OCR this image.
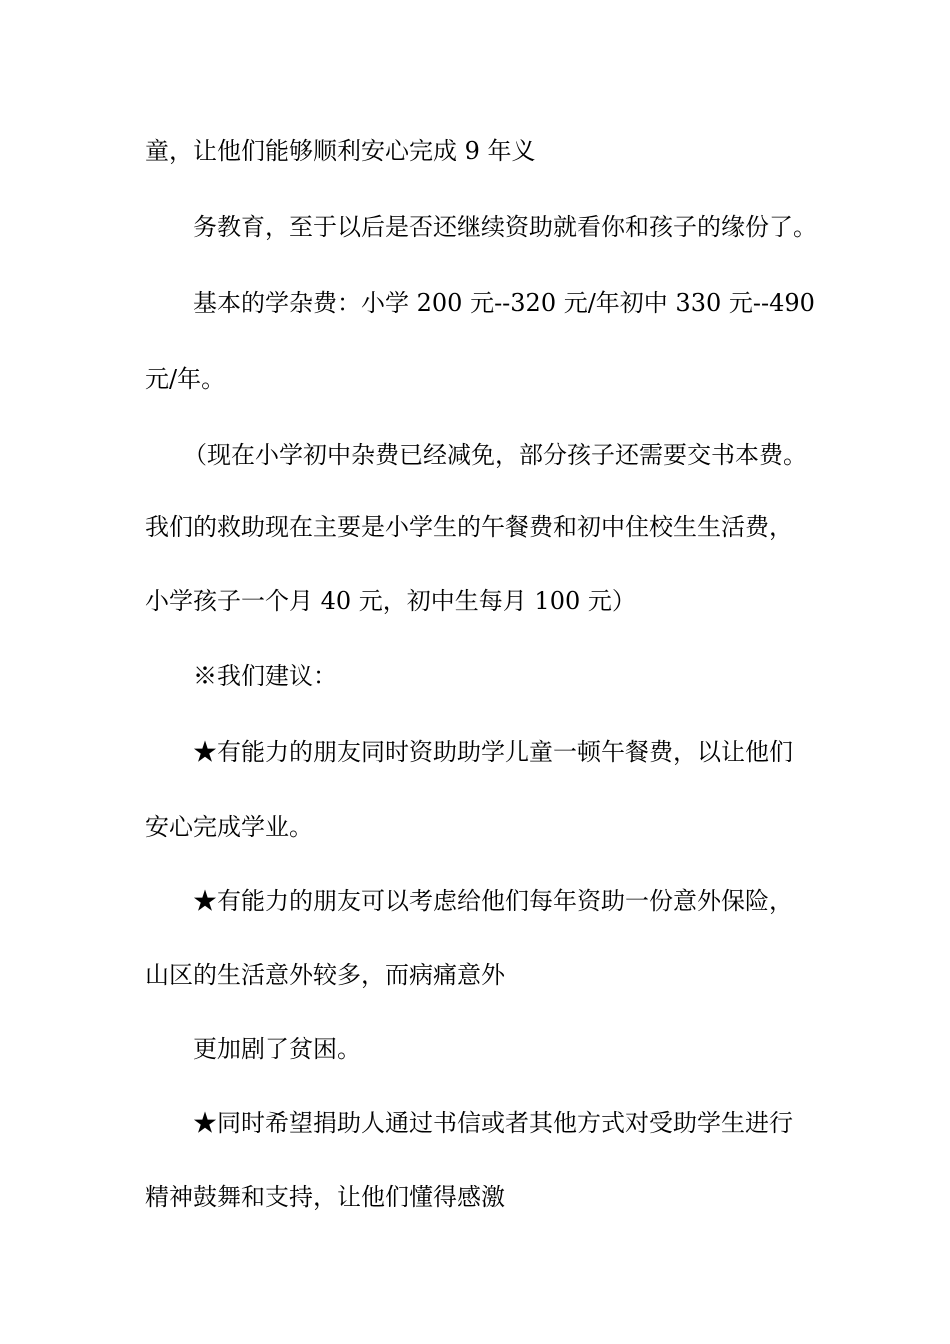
童，让他们能够顺利安心完成 9 年义
务教育，至于以后是否还继续资助就看你和孩子的缘份了。
基本的学杂费：小学 200 元--320 元/年初中 330 元--490
元/年。
（现在小学初中杂费已经减免，部分孩子还需要交书本费。
我们的救助现在主要是小学生的午餐费和初中住校生生活费，
小学孩子一个月 40 元，初中生每月 100 元）
※我们建议：
★有能力的朋友同时资助助学儿童一顿午餐费，以让他们
安心完成学业。
★有能力的朋友可以考虑给他们每年资助一份意外保险，
山区的生活意外较多，而病痛意外
更加剧了贫困。
★同时希望捐助人通过书信或者其他方式对受助学生进行
精神鼓舞和支持，让他们懂得感激
